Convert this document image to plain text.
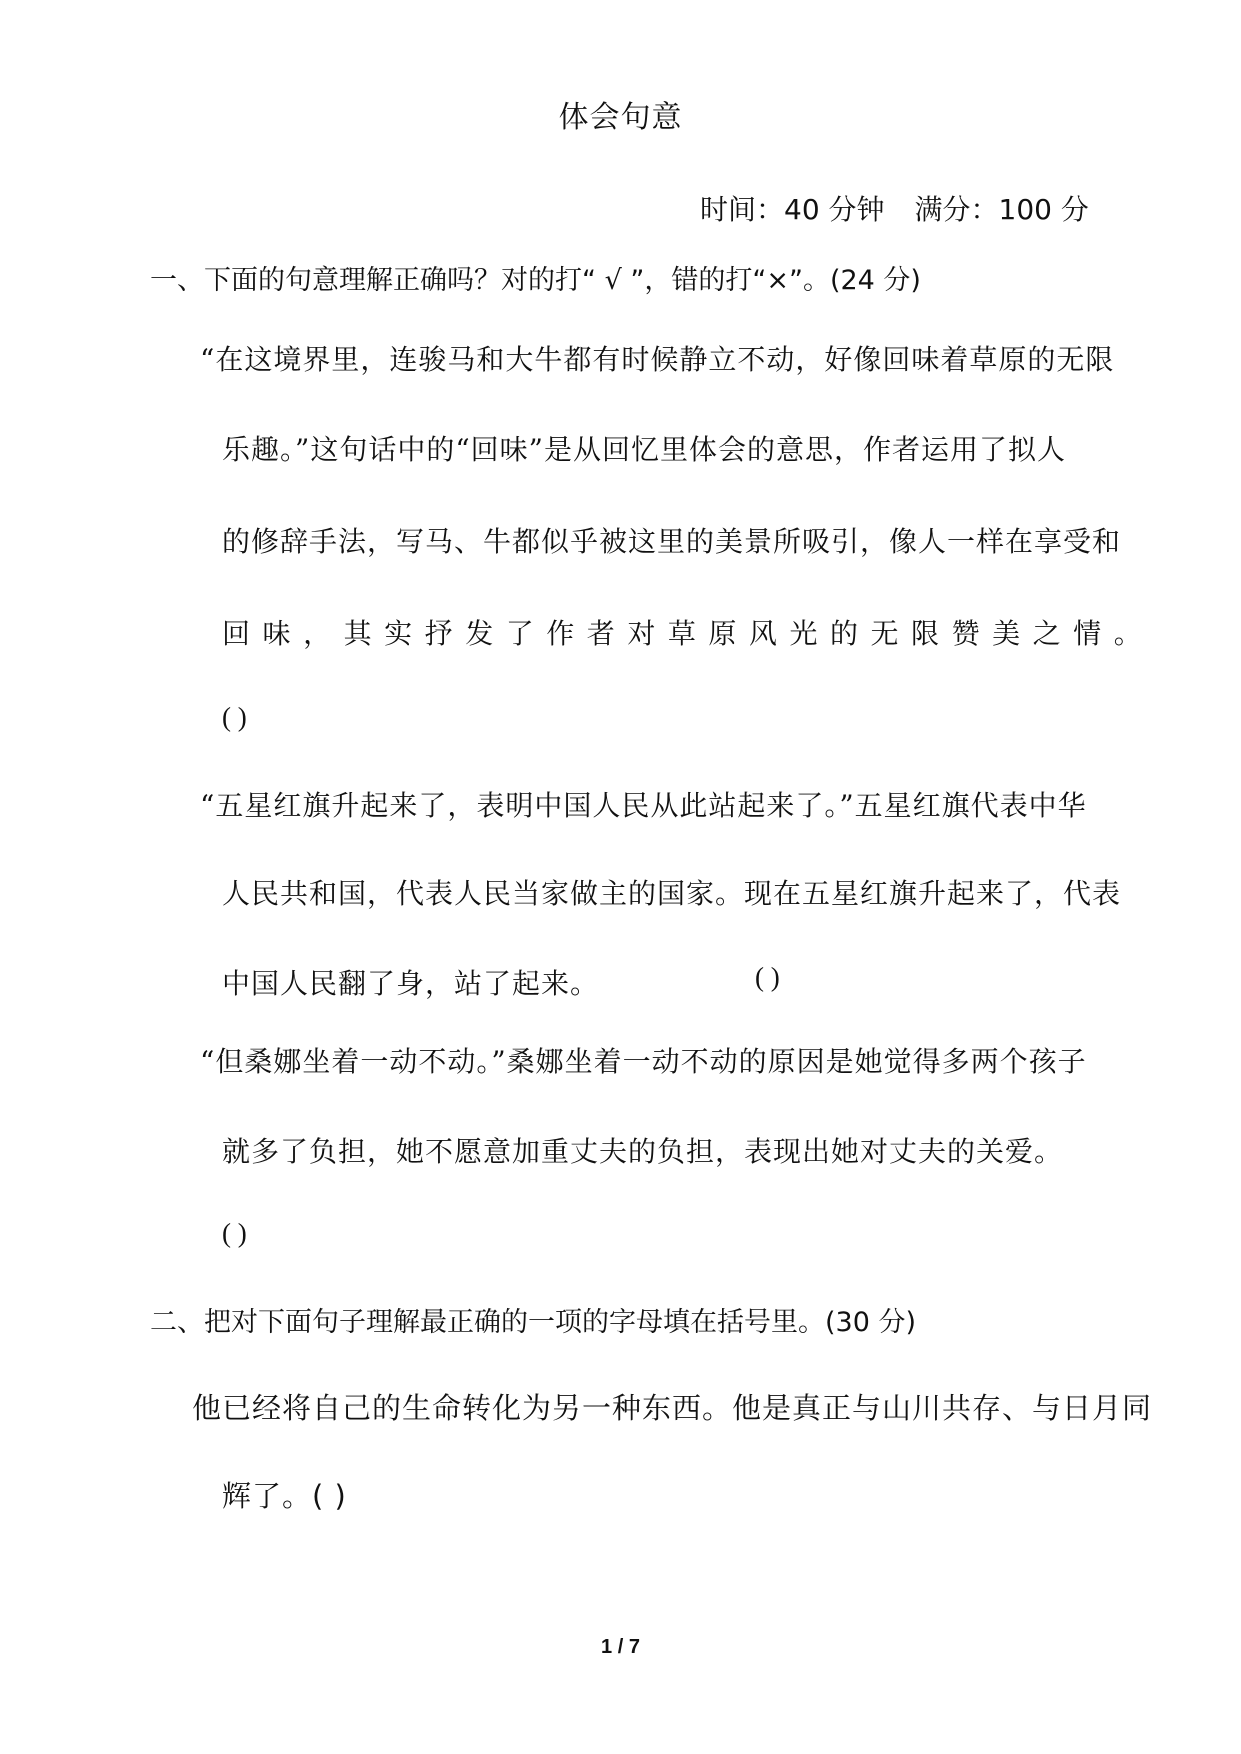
体会句意
时间：40 分钟 满分：100 分
一、下面的句意理解正确吗？对的打“ √ ”，错的打“×”。(24 分)
“在这境界里，连骏马和大牛都有时候静立不动，好像回味着草原的无限
乐趣。”这句话中的“回味”是从回忆里体会的意思，作者运用了拟人
的修辞手法，写马、牛都似乎被这里的美景所吸引，像人一样在享受和
回 味 ， 其 实 抒 发 了 作 者 对 草 原 风 光 的 无 限 赞 美 之 情 。
( )
“五星红旗升起来了，表明中国人民从此站起来了。”五星红旗代表中华
人民共和国，代表人民当家做主的国家。现在五星红旗升起来了，代表
中国人民翻了身，站了起来。	( )
“但桑娜坐着一动不动。”桑娜坐着一动不动的原因是她觉得多两个孩子
就多了负担，她不愿意加重丈夫的负担，表现出她对丈夫的关爱。
( )
二、把对下面句子理解最正确的一项的字母填在括号里。(30 分)
他已经将自己的生命转化为另一种东西。他是真正与山川共存、与日月同
辉了。( )
1 / 7
